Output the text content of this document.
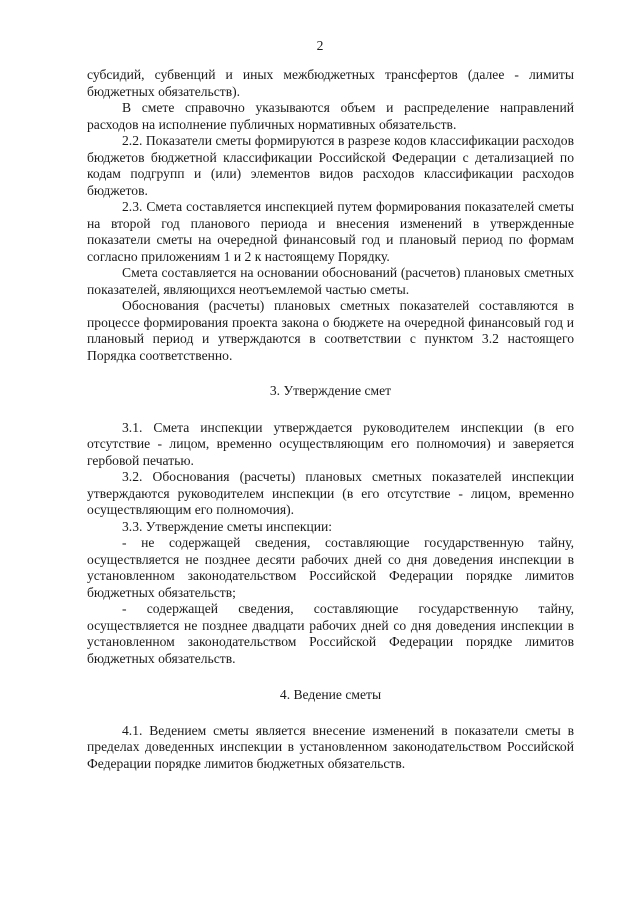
2

субсидий, субвенций и иных межбюджетных трансфертов (далее - лимиты бюджетных обязательств).

В смете справочно указываются объем и распределение направлений расходов на исполнение публичных нормативных обязательств.

2.2. Показатели сметы формируются в разрезе кодов классификации расходов бюджетов бюджетной классификации Российской Федерации с детализацией по кодам подгрупп и (или) элементов видов расходов классификации расходов бюджетов.

2.3. Смета составляется инспекцией путем формирования показателей сметы на второй год планового периода и внесения изменений в утвержденные показатели сметы на очередной финансовый год и плановый период по формам согласно приложениям 1 и 2 к настоящему Порядку.

Смета составляется на основании обоснований (расчетов) плановых сметных показателей, являющихся неотъемлемой частью сметы.

Обоснования (расчеты) плановых сметных показателей составляются в процессе формирования проекта закона о бюджете на очередной финансовый год и плановый период и утверждаются в соответствии с пунктом 3.2 настоящего Порядка соответственно.

3. Утверждение смет

3.1. Смета инспекции утверждается руководителем инспекции (в его отсутствие - лицом, временно осуществляющим его полномочия) и заверяется гербовой печатью.

3.2. Обоснования (расчеты) плановых сметных показателей инспекции утверждаются руководителем инспекции (в его отсутствие - лицом, временно осуществляющим его полномочия).

3.3. Утверждение сметы инспекции:

- не содержащей сведения, составляющие государственную тайну, осуществляется не позднее десяти рабочих дней со дня доведения инспекции в установленном законодательством Российской Федерации порядке лимитов бюджетных обязательств;

- содержащей сведения, составляющие государственную тайну, осуществляется не позднее двадцати рабочих дней со дня доведения инспекции в установленном законодательством Российской Федерации порядке лимитов бюджетных обязательств.

4. Ведение сметы

4.1. Ведением сметы является внесение изменений в показатели сметы в пределах доведенных инспекции в установленном законодательством Российской Федерации порядке лимитов бюджетных обязательств.
